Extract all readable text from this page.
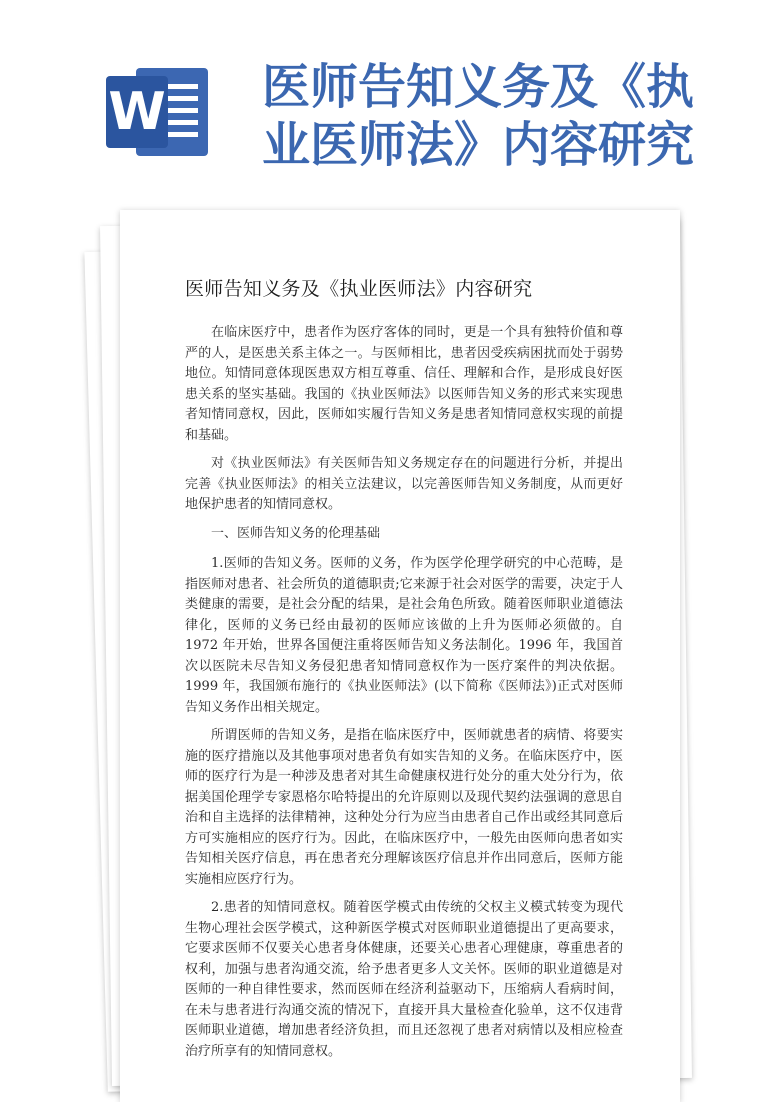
W 医师告知义务及《执业医师法》内容研究
医师告知义务及《执业医师法》内容研究

在临床医疗中，患者作为医疗客体的同时，更是一个具有独特价值和尊严的人，是医患关系主体之一。与医师相比，患者因受疾病困扰而处于弱势地位。知情同意体现医患双方相互尊重、信任、理解和合作，是形成良好医患关系的坚实基础。我国的《执业医师法》以医师告知义务的形式来实现患者知情同意权，因此，医师如实履行告知义务是患者知情同意权实现的前提和基础。

对《执业医师法》有关医师告知义务规定存在的问题进行分析，并提出完善《执业医师法》的相关立法建议，以完善医师告知义务制度，从而更好地保护患者的知情同意权。

一、医师告知义务的伦理基础

1.医师的告知义务。医师的义务，作为医学伦理学研究的中心范畴，是指医师对患者、社会所负的道德职责;它来源于社会对医学的需要，决定于人类健康的需要，是社会分配的结果，是社会角色所致。随着医师职业道德法律化，医师的义务已经由最初的医师应该做的上升为医师必须做的。自 1972 年开始，世界各国便注重将医师告知义务法制化。1996 年，我国首次以医院未尽告知义务侵犯患者知情同意权作为一医疗案件的判决依据。1999 年，我国颁布施行的《执业医师法》(以下简称《医师法》)正式对医师告知义务作出相关规定。

所谓医师的告知义务，是指在临床医疗中，医师就患者的病情、将要实施的医疗措施以及其他事项对患者负有如实告知的义务。在临床医疗中，医师的医疗行为是一种涉及患者对其生命健康权进行处分的重大处分行为，依据美国伦理学专家恩格尔哈特提出的允许原则以及现代契约法强调的意思自治和自主选择的法律精神，这种处分行为应当由患者自己作出或经其同意后方可实施相应的医疗行为。因此，在临床医疗中，一般先由医师向患者如实告知相关医疗信息，再在患者充分理解该医疗信息并作出同意后，医师方能实施相应医疗行为。

2.患者的知情同意权。随着医学模式由传统的父权主义模式转变为现代生物心理社会医学模式，这种新医学模式对医师职业道德提出了更高要求，它要求医师不仅要关心患者身体健康，还要关心患者心理健康，尊重患者的权利，加强与患者沟通交流，给予患者更多人文关怀。医师的职业道德是对医师的一种自律性要求，然而医师在经济利益驱动下，压缩病人看病时间，在未与患者进行沟通交流的情况下，直接开具大量检查化验单，这不仅违背医师职业道德，增加患者经济负担，而且还忽视了患者对病情以及相应检查治疗所享有的知情同意权。
